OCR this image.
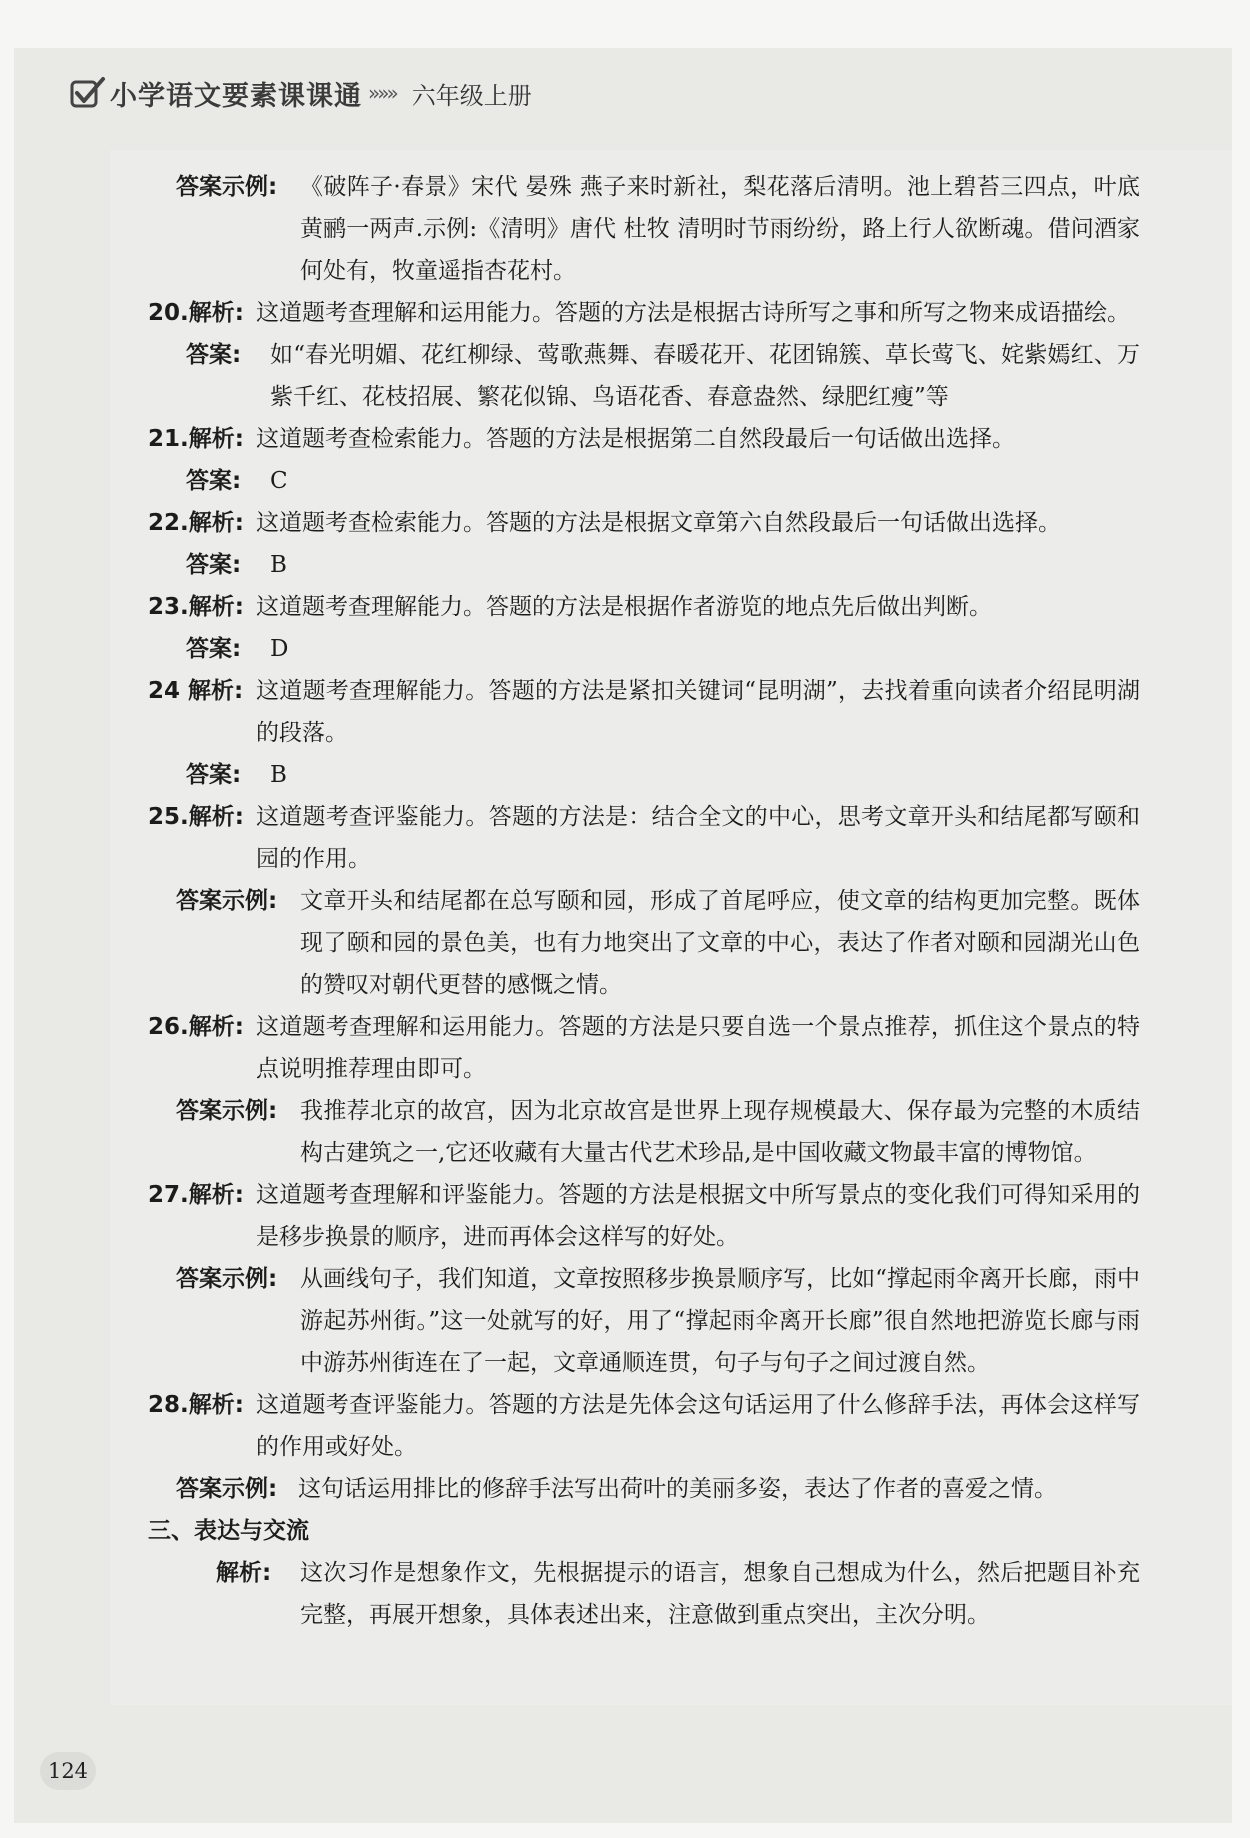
小学语文要素课课通 »»» 六年级上册
答案示例: 《破阵子·春景》宋代 晏殊 燕子来时新社，梨花落后清明。池上碧苔三四点，叶底黄鹂一两声.示例:《清明》唐代 杜牧 清明时节雨纷纷，路上行人欲断魂。借问酒家何处有，牧童遥指杏花村。
20.解析: 这道题考查理解和运用能力。答题的方法是根据古诗所写之事和所写之物来成语描绘。
答案:	如“春光明媚、花红柳绿、莺歌燕舞、春暖花开、花团锦簇、草长莺飞、姹紫嫣红、万紫千红、花枝招展、繁花似锦、鸟语花香、春意盎然、绿肥红瘦”等
21.解析: 这道题考查检索能力。答题的方法是根据第二自然段最后一句话做出选择。
答案:	C
22.解析: 这道题考查检索能力。答题的方法是根据文章第六自然段最后一句话做出选择。
答案:	B
23.解析: 这道题考查理解能力。答题的方法是根据作者游览的地点先后做出判断。
答案:	D
24 解析: 这道题考查理解能力。答题的方法是紧扣关键词“昆明湖”，去找着重向读者介绍昆明湖的段落。
答案:	B
25.解析: 这道题考查评鉴能力。答题的方法是：结合全文的中心，思考文章开头和结尾都写颐和园的作用。
答案示例: 文章开头和结尾都在总写颐和园，形成了首尾呼应，使文章的结构更加完整。既体现了颐和园的景色美，也有力地突出了文章的中心，表达了作者对颐和园湖光山色的赞叹对朝代更替的感慨之情。
26.解析: 这道题考查理解和运用能力。答题的方法是只要自选一个景点推荐，抓住这个景点的特点说明推荐理由即可。
答案示例: 我推荐北京的故宫，因为北京故宫是世界上现存规模最大、保存最为完整的木质结构古建筑之一,它还收藏有大量古代艺术珍品,是中国收藏文物最丰富的博物馆。
27.解析: 这道题考查理解和评鉴能力。答题的方法是根据文中所写景点的变化我们可得知采用的是移步换景的顺序，进而再体会这样写的好处。
答案示例: 从画线句子，我们知道，文章按照移步换景顺序写，比如“撑起雨伞离开长廊，雨中游起苏州街。”这一处就写的好，用了“撑起雨伞离开长廊”很自然地把游览长廊与雨中游苏州街连在了一起，文章通顺连贯，句子与句子之间过渡自然。
28.解析: 这道题考查评鉴能力。答题的方法是先体会这句话运用了什么修辞手法，再体会这样写的作用或好处。
答案示例: 这句话运用排比的修辞手法写出荷叶的美丽多姿，表达了作者的喜爱之情。
三、表达与交流
解析:	这次习作是想象作文，先根据提示的语言，想象自己想成为什么，然后把题目补充完整，再展开想象，具体表述出来，注意做到重点突出，主次分明。
124
